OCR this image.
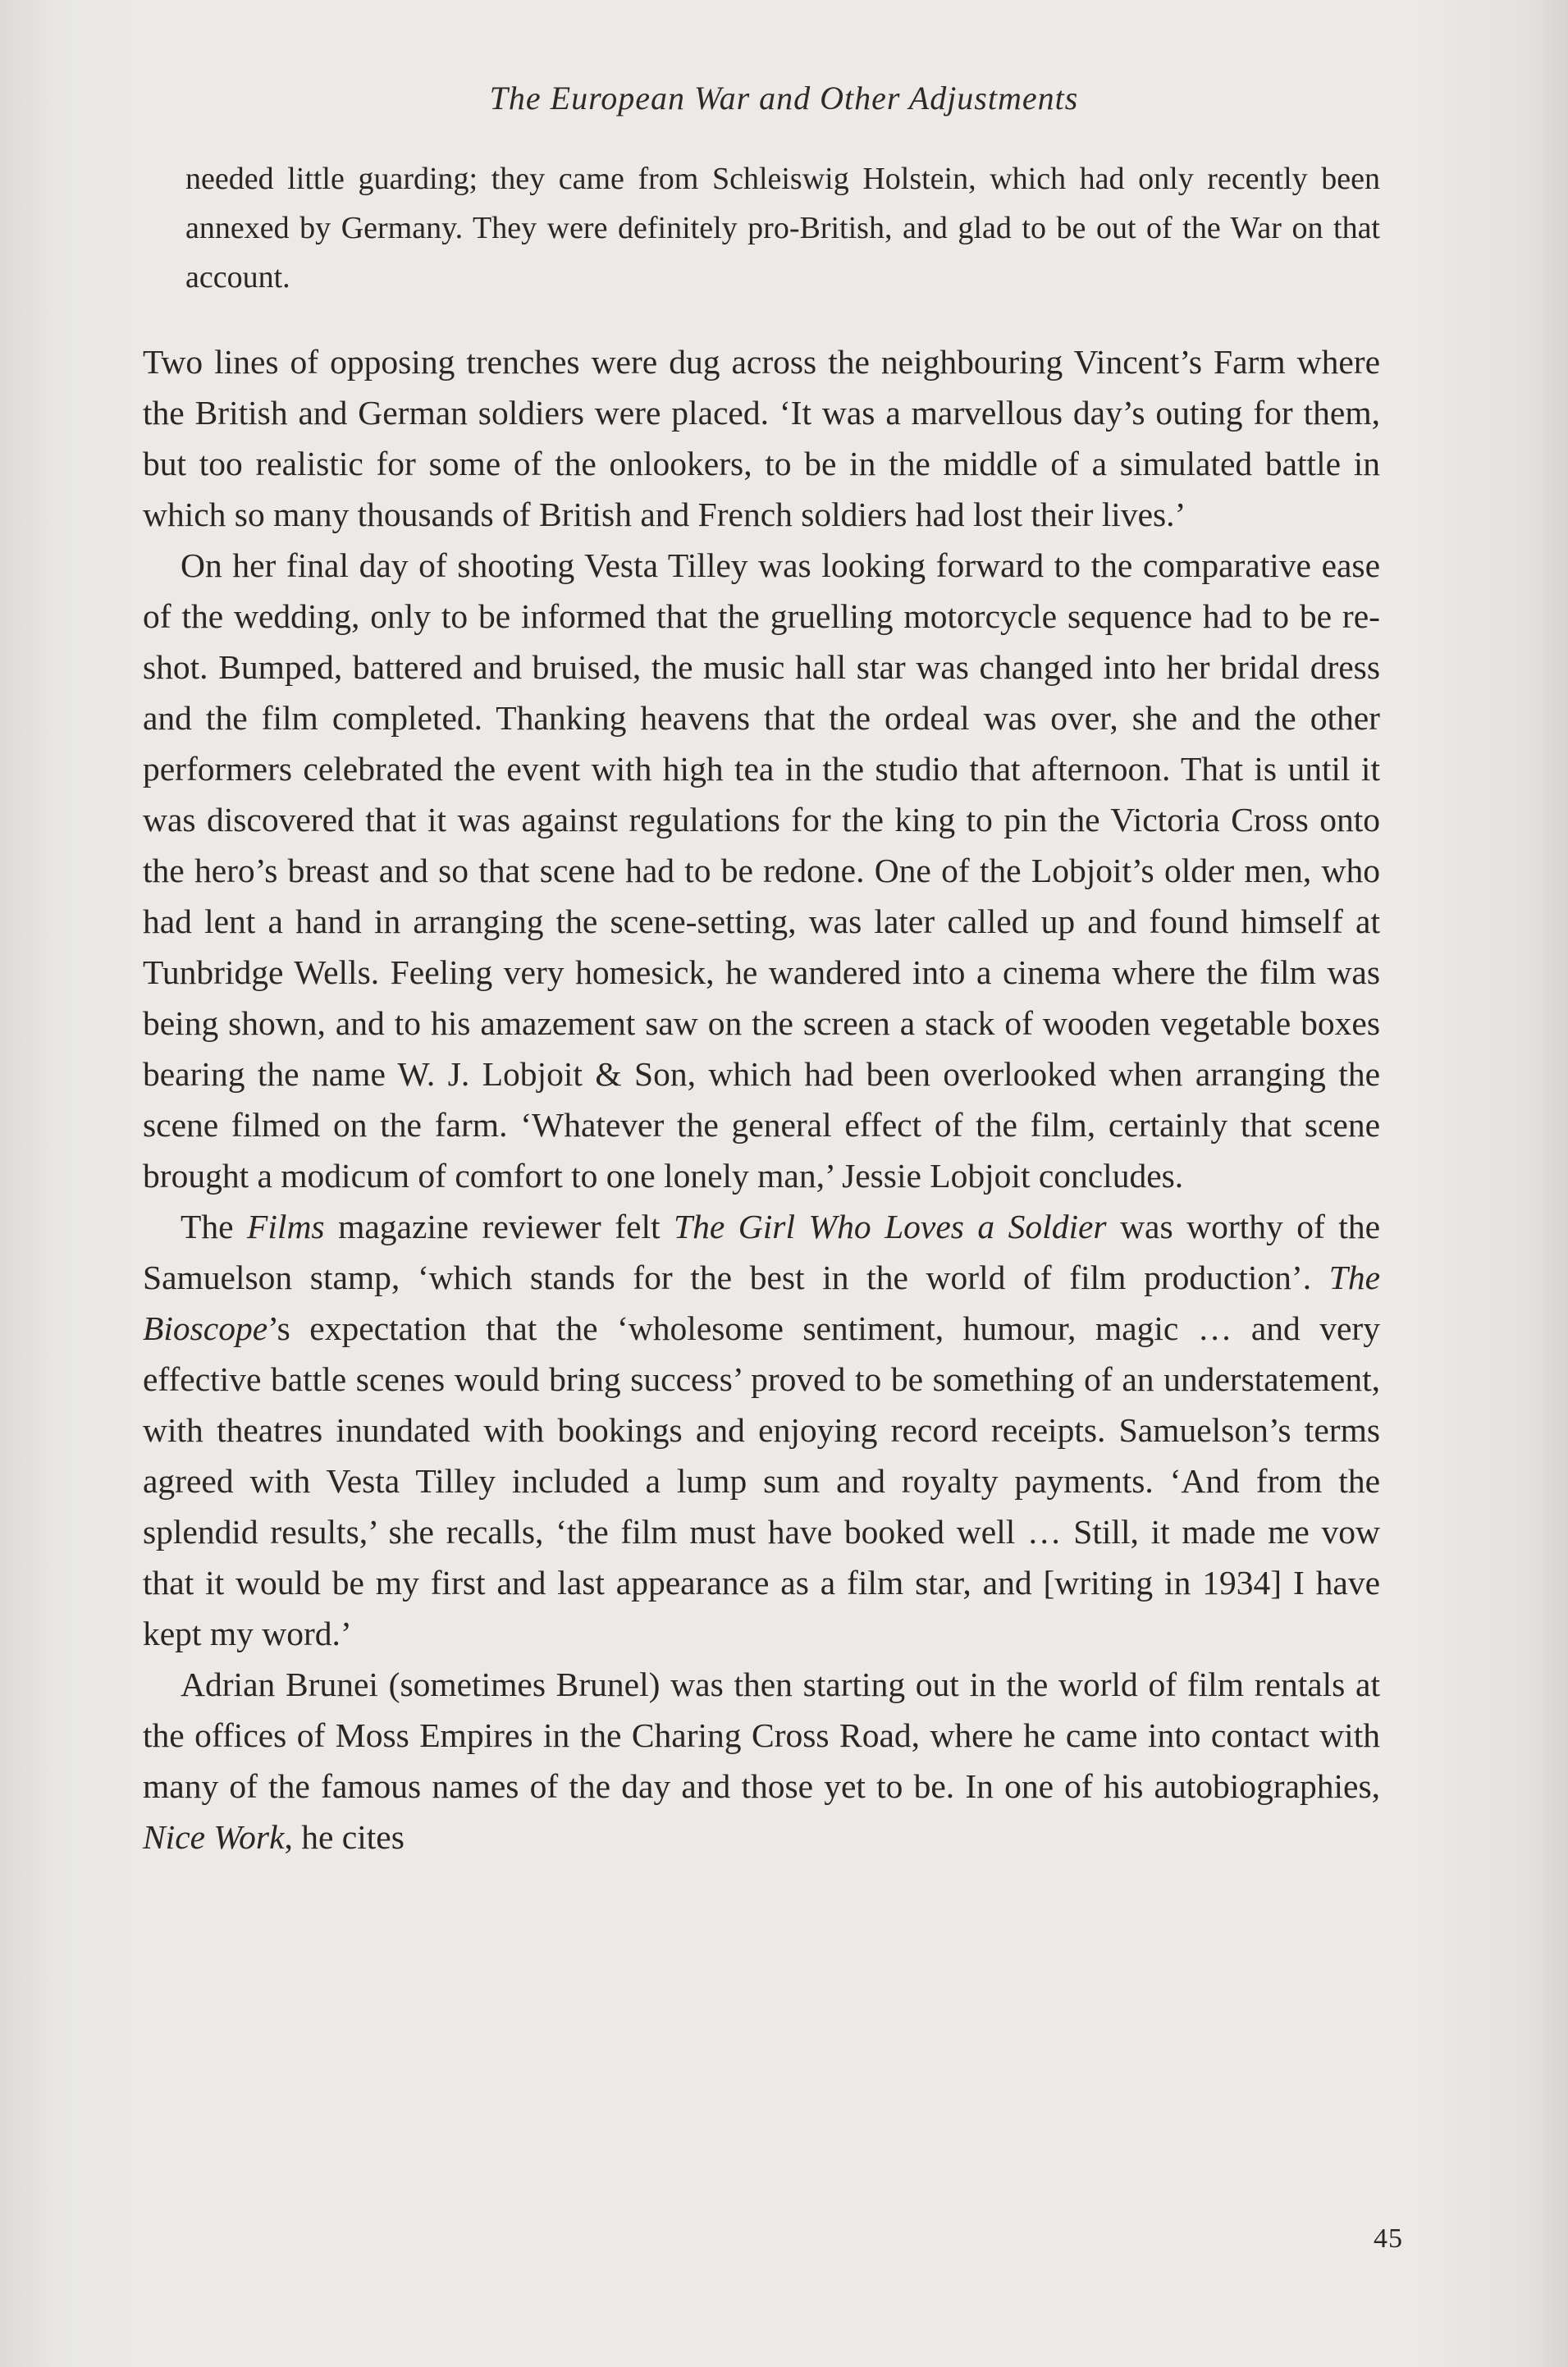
The European War and Other Adjustments

needed little guarding; they came from Schleiswig Holstein, which had only recently been annexed by Germany. They were definitely pro-British, and glad to be out of the War on that account.

Two lines of opposing trenches were dug across the neighbouring Vincent’s Farm where the British and German soldiers were placed. ‘It was a marvellous day’s outing for them, but too realistic for some of the onlookers, to be in the middle of a simulated battle in which so many thousands of British and French soldiers had lost their lives.’

On her final day of shooting Vesta Tilley was looking forward to the comparative ease of the wedding, only to be informed that the gruelling motorcycle sequence had to be re-shot. Bumped, battered and bruised, the music hall star was changed into her bridal dress and the film completed. Thanking heavens that the ordeal was over, she and the other performers celebrated the event with high tea in the studio that afternoon. That is until it was discovered that it was against regulations for the king to pin the Victoria Cross onto the hero’s breast and so that scene had to be redone. One of the Lobjoit’s older men, who had lent a hand in arranging the scene-setting, was later called up and found himself at Tunbridge Wells. Feeling very homesick, he wandered into a cinema where the film was being shown, and to his amazement saw on the screen a stack of wooden vegetable boxes bearing the name W. J. Lobjoit & Son, which had been overlooked when arranging the scene filmed on the farm. ‘Whatever the general effect of the film, certainly that scene brought a modicum of comfort to one lonely man,’ Jessie Lobjoit concludes.

The Films magazine reviewer felt The Girl Who Loves a Soldier was worthy of the Samuelson stamp, ‘which stands for the best in the world of film production’. The Bioscope’s expectation that the ‘wholesome sentiment, humour, magic … and very effective battle scenes would bring success’ proved to be something of an understatement, with theatres inundated with bookings and enjoying record receipts. Samuelson’s terms agreed with Vesta Tilley included a lump sum and royalty payments. ‘And from the splendid results,’ she recalls, ‘the film must have booked well … Still, it made me vow that it would be my first and last appearance as a film star, and [writing in 1934] I have kept my word.’

Adrian Brunei (sometimes Brunel) was then starting out in the world of film rentals at the offices of Moss Empires in the Charing Cross Road, where he came into contact with many of the famous names of the day and those yet to be. In one of his autobiographies, Nice Work, he cites

45
